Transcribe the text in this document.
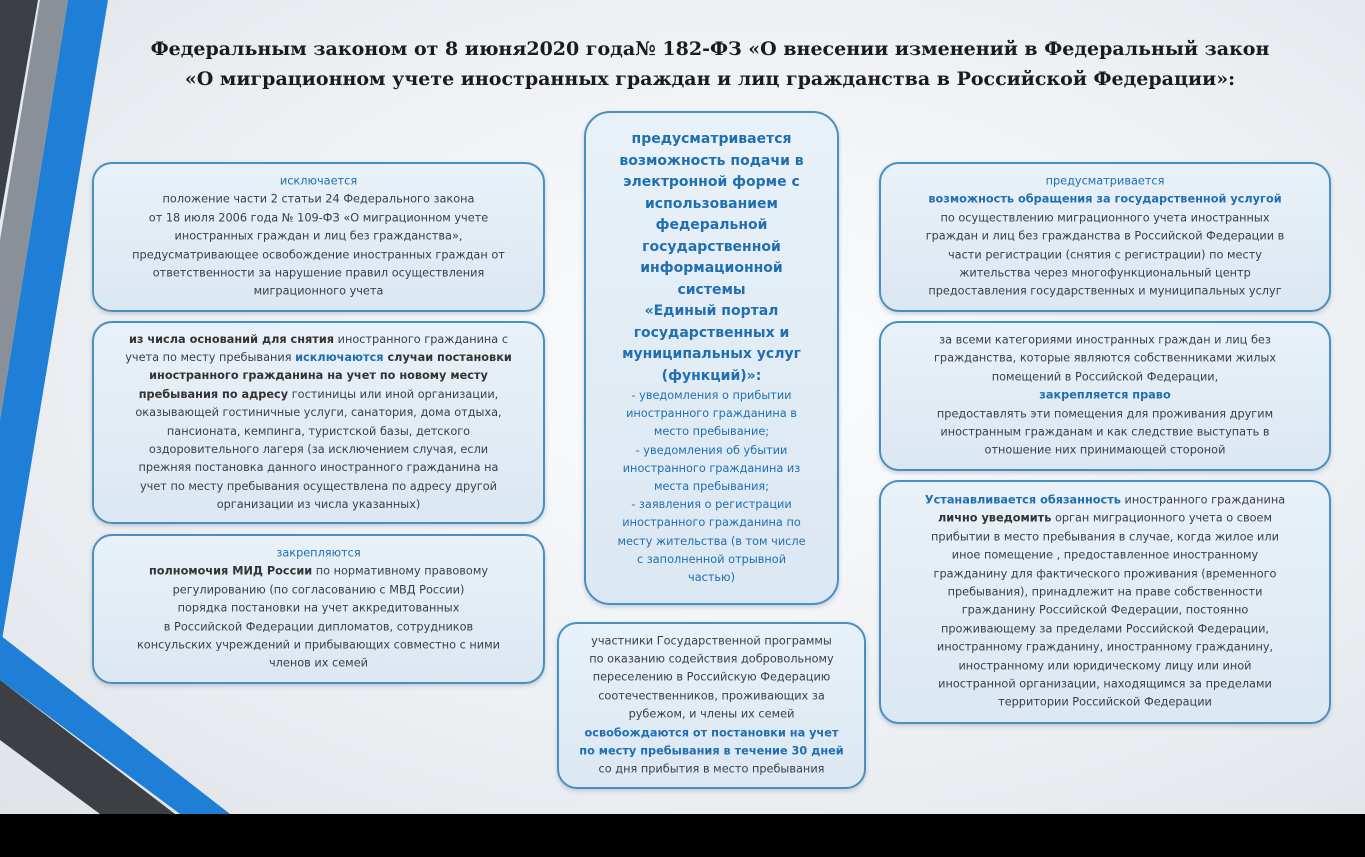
Федеральным законом от 8 июня2020 года№ 182-ФЗ «О внесении изменений в Федеральный закон
«О миграционном учете иностранных граждан и лиц гражданства в Российской Федерации»:

исключается

положение части 2 статьи 24 Федерального закона

от 18 июля 2006 года № 109-ФЗ «О миграционном учете

иностранных граждан и лиц без гражданства»,

предусматривающее освобождение иностранных граждан от

ответственности за нарушение правил осуществления

миграционного учета

из числа оснований для снятия иностранного гражданина с

учета по месту пребывания исключаются случаи постановки

иностранного гражданина на учет по новому месту

пребывания по адресу гостиницы или иной организации,

оказывающей гостиничные услуги, санатория, дома отдыха,

пансионата, кемпинга, туристской базы, детского

оздоровительного лагеря (за исключением случая, если

прежняя постановка данного иностранного гражданина на

учет по месту пребывания осуществлена по адресу другой

организации из числа указанных)

закрепляются

полномочия МИД России по нормативному правовому

регулированию (по согласованию с МВД России)

порядка постановки на учет аккредитованных

в Российской Федерации дипломатов, сотрудников

консульских учреждений и прибывающих совместно с ними

членов их семей

предусматривается

возможность подачи в

электронной форме с

использованием

федеральной

государственной

информационной

системы

«Единый портал

государственных и

муниципальных услуг

(функций)»:

- уведомления о прибытии

иностранного гражданина в

место пребывание;

- уведомления об убытии

иностранного гражданина из

места пребывания;

- заявления о регистрации

иностранного гражданина по

месту жительства (в том числе

с заполненной отрывной

частью)

участники Государственной программы

по оказанию содействия добровольному

переселению в Российскую Федерацию

соотечественников, проживающих за

рубежом, и члены их семей

освобождаются от постановки на учет

по месту пребывания в течение 30 дней

со дня прибытия в место пребывания

предусматривается

возможность обращения за государственной услугой

по осуществлению миграционного учета иностранных

граждан и лиц без гражданства в Российской Федерации в

части регистрации (снятия с регистрации) по месту

жительства через многофункциональный центр

предоставления государственных и муниципальных услуг

за всеми категориями иностранных граждан и лиц без

гражданства, которые являются собственниками жилых

помещений в Российской Федерации,

закрепляется право

предоставлять эти помещения для проживания другим

иностранным гражданам и как следствие выступать в

отношение них принимающей стороной

Устанавливается обязанность иностранного гражданина

лично уведомить орган миграционного учета о своем

прибытии в место пребывания в случае, когда жилое или

иное помещение , предоставленное иностранному

гражданину для фактического проживания (временного

пребывания), принадлежит на праве собственности

гражданину Российской Федерации, постоянно

проживающему за пределами Российской Федерации,

иностранному гражданину, иностранному гражданину,

иностранному или юридическому лицу или иной

иностранной организации, находящимся за пределами

территории Российской Федерации
